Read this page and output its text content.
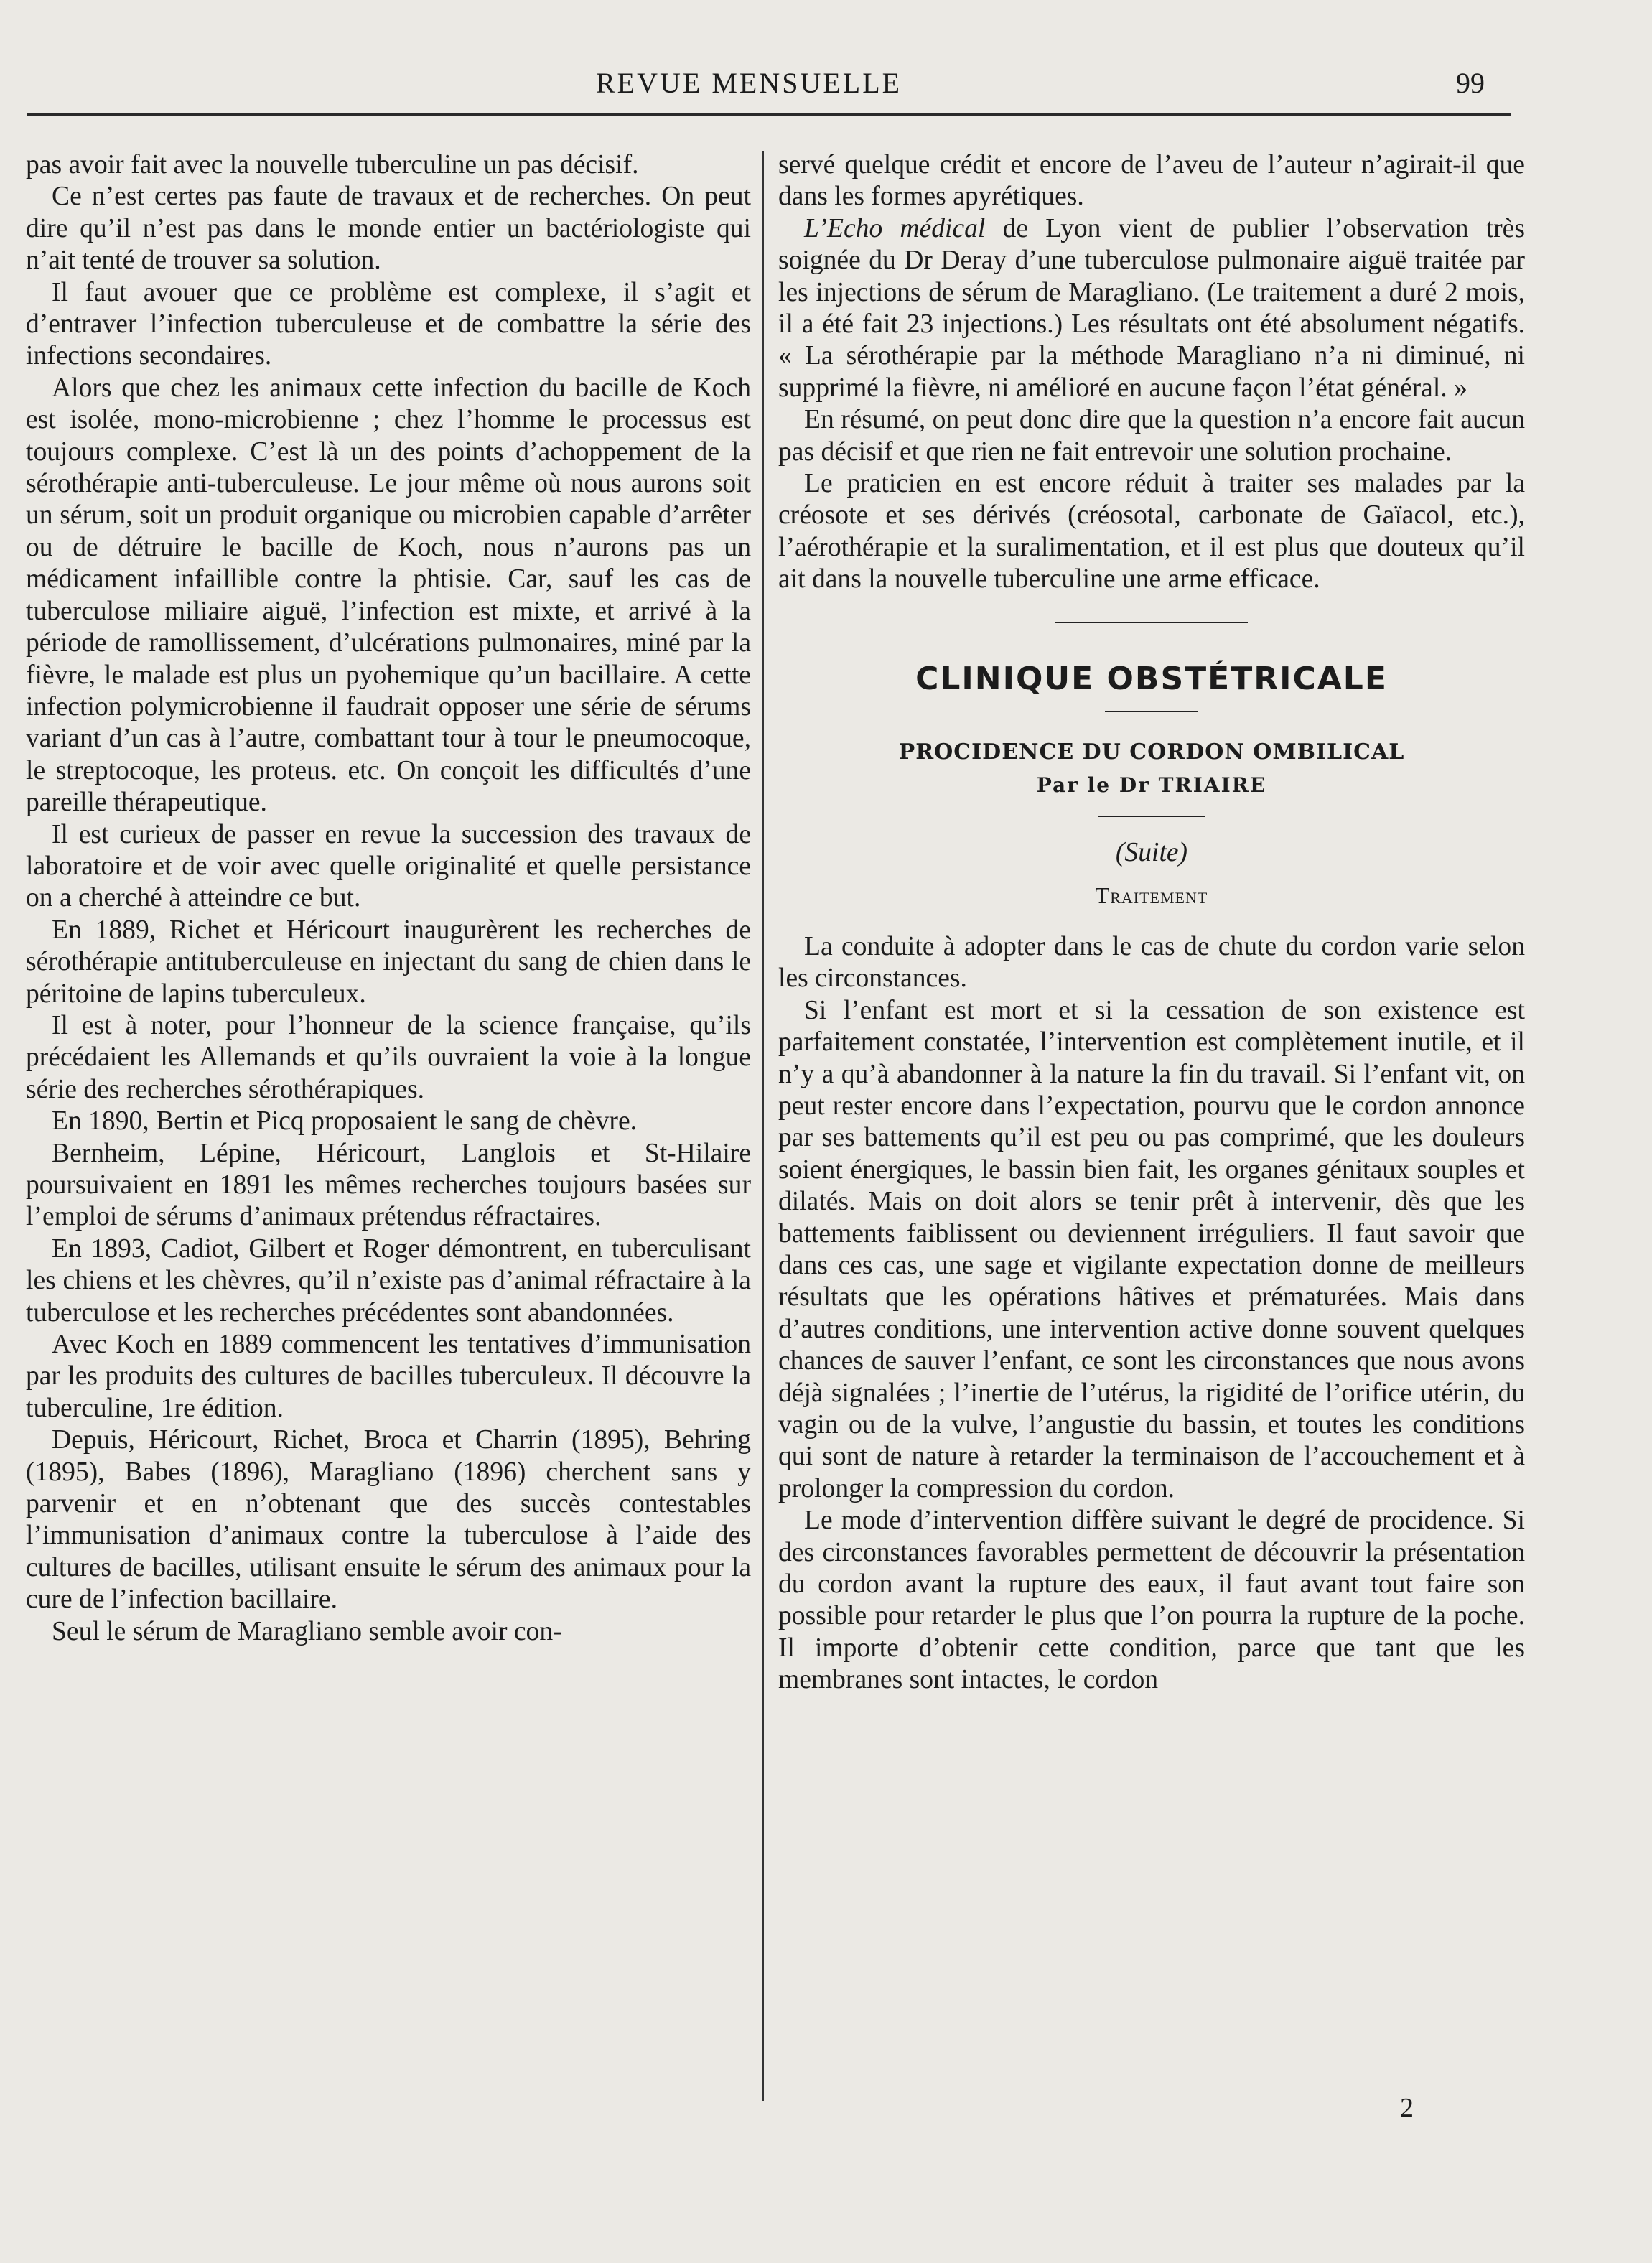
REVUE MENSUELLE	99

pas avoir fait avec la nouvelle tuberculine un pas décisif.

Ce n’est certes pas faute de travaux et de recherches. On peut dire qu’il n’est pas dans le monde entier un bactériologiste qui n’ait tenté de trouver sa solution.

Il faut avouer que ce problème est complexe, il s’agit et d’entraver l’infection tuberculeuse et de combattre la série des infections secondaires.

Alors que chez les animaux cette infection du bacille de Koch est isolée, mono-microbienne ; chez l’homme le processus est toujours complexe. C’est là un des points d’achoppement de la sérothérapie anti-tuberculeuse. Le jour même où nous aurons soit un sérum, soit un produit organique ou microbien capable d’arrêter ou de détruire le bacille de Koch, nous n’aurons pas un médicament infaillible contre la phtisie. Car, sauf les cas de tuberculose miliaire aiguë, l’infection est mixte, et arrivé à la période de ramollissement, d’ulcérations pulmonaires, miné par la fièvre, le malade est plus un pyohemique qu’un bacillaire. A cette infection polymicrobienne il faudrait opposer une série de sérums variant d’un cas à l’autre, combattant tour à tour le pneumocoque, le streptocoque, les proteus. etc. On conçoit les difficultés d’une pareille thérapeutique.

Il est curieux de passer en revue la succession des travaux de laboratoire et de voir avec quelle originalité et quelle persistance on a cherché à atteindre ce but.

En 1889, Richet et Héricourt inaugurèrent les recherches de sérothérapie antituberculeuse en injectant du sang de chien dans le péritoine de lapins tuberculeux.

Il est à noter, pour l’honneur de la science française, qu’ils précédaient les Allemands et qu’ils ouvraient la voie à la longue série des recherches sérothérapiques.

En 1890, Bertin et Picq proposaient le sang de chèvre.

Bernheim, Lépine, Héricourt, Langlois et St-Hilaire poursuivaient en 1891 les mêmes recherches toujours basées sur l’emploi de sérums d’animaux prétendus réfractaires.

En 1893, Cadiot, Gilbert et Roger démontrent, en tuberculisant les chiens et les chèvres, qu’il n’existe pas d’animal réfractaire à la tuberculose et les recherches précédentes sont abandonnées.

Avec Koch en 1889 commencent les tentatives d’immunisation par les produits des cultures de bacilles tuberculeux. Il découvre la tuberculine, 1re édition.

Depuis, Héricourt, Richet, Broca et Charrin (1895), Behring (1895), Babes (1896), Maragliano (1896) cherchent sans y parvenir et en n’obtenant que des succès contestables l’immunisation d’animaux contre la tuberculose à l’aide des cultures de bacilles, utilisant ensuite le sérum des animaux pour la cure de l’infection bacillaire.

Seul le sérum de Maragliano semble avoir con-

servé quelque crédit et encore de l’aveu de l’auteur n’agirait-il que dans les formes apyrétiques.

L’Echo médical de Lyon vient de publier l’observation très soignée du Dr Deray d’une tuberculose pulmonaire aiguë traitée par les injections de sérum de Maragliano. (Le traitement a duré 2 mois, il a été fait 23 injections.) Les résultats ont été absolument négatifs. « La sérothérapie par la méthode Maragliano n’a ni diminué, ni supprimé la fièvre, ni amélioré en aucune façon l’état général. »

En résumé, on peut donc dire que la question n’a encore fait aucun pas décisif et que rien ne fait entrevoir une solution prochaine.

Le praticien en est encore réduit à traiter ses malades par la créosote et ses dérivés (créosotal, carbonate de Gaïacol, etc.), l’aérothérapie et la suralimentation, et il est plus que douteux qu’il ait dans la nouvelle tuberculine une arme efficace.

CLINIQUE OBSTÉTRICALE
PROCIDENCE DU CORDON OMBILICAL
Par le Dr TRIAIRE
(Suite)
Traitement

La conduite à adopter dans le cas de chute du cordon varie selon les circonstances.

Si l’enfant est mort et si la cessation de son existence est parfaitement constatée, l’intervention est complètement inutile, et il n’y a qu’à abandonner à la nature la fin du travail. Si l’enfant vit, on peut rester encore dans l’expectation, pourvu que le cordon annonce par ses battements qu’il est peu ou pas comprimé, que les douleurs soient énergiques, le bassin bien fait, les organes génitaux souples et dilatés. Mais on doit alors se tenir prêt à intervenir, dès que les battements faiblissent ou deviennent irréguliers. Il faut savoir que dans ces cas, une sage et vigilante expectation donne de meilleurs résultats que les opérations hâtives et prématurées. Mais dans d’autres conditions, une intervention active donne souvent quelques chances de sauver l’enfant, ce sont les circonstances que nous avons déjà signalées ; l’inertie de l’utérus, la rigidité de l’orifice utérin, du vagin ou de la vulve, l’angustie du bassin, et toutes les conditions qui sont de nature à retarder la terminaison de l’accouchement et à prolonger la compression du cordon.

Le mode d’intervention diffère suivant le degré de procidence. Si des circonstances favorables permettent de découvrir la présentation du cordon avant la rupture des eaux, il faut avant tout faire son possible pour retarder le plus que l’on pourra la rupture de la poche. Il importe d’obtenir cette condition, parce que tant que les membranes sont intactes, le cordon

2
